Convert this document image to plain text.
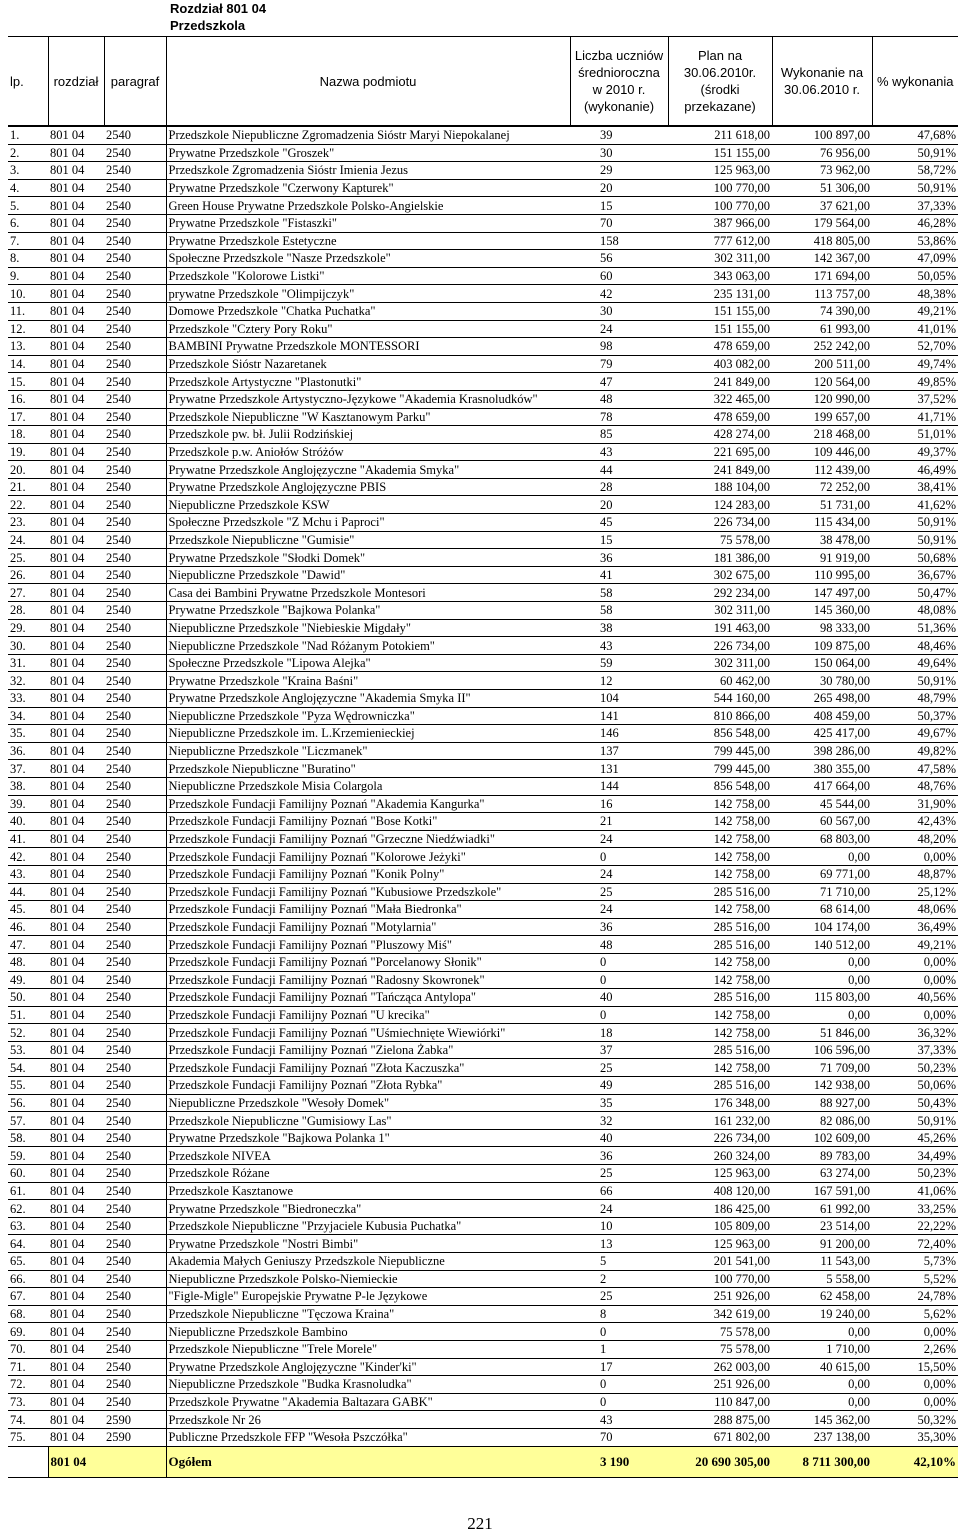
Rozdział 801 04
Przedszkola
lp.	rozdział	paragraf	Nazwa podmiotu	Liczba uczniów średnioroczna w 2010 r. (wykonanie)	Plan na 30.06.2010r. (środki przekazane)	Wykonanie na 30.06.2010 r.	% wykonania
1.	801 04	2540	Przedszkole Niepubliczne Zgromadzenia Sióstr Maryi Niepokalanej	39	211 618,00	100 897,00	47,68%
2.	801 04	2540	Prywatne Przedszkole "Groszek"	30	151 155,00	76 956,00	50,91%
3.	801 04	2540	Przedszkole Zgromadzenia Sióstr Imienia Jezus	29	125 963,00	73 962,00	58,72%
4.	801 04	2540	Prywatne Przedszkole "Czerwony Kapturek"	20	100 770,00	51 306,00	50,91%
5.	801 04	2540	Green House Prywatne Przedszkole Polsko-Angielskie	15	100 770,00	37 621,00	37,33%
6.	801 04	2540	Prywatne Przedszkole "Fistaszki"	70	387 966,00	179 564,00	46,28%
7.	801 04	2540	Prywatne Przedszkole Estetyczne	158	777 612,00	418 805,00	53,86%
8.	801 04	2540	Społeczne Przedszkole "Nasze Przedszkole"	56	302 311,00	142 367,00	47,09%
9.	801 04	2540	Przedszkole "Kolorowe Listki"	60	343 063,00	171 694,00	50,05%
10.	801 04	2540	prywatne Przedszkole "Olimpijczyk"	42	235 131,00	113 757,00	48,38%
11.	801 04	2540	Domowe Przedszkole "Chatka Puchatka"	30	151 155,00	74 390,00	49,21%
12.	801 04	2540	Przedszkole "Cztery Pory Roku"	24	151 155,00	61 993,00	41,01%
13.	801 04	2540	BAMBINI Prywatne Przedszkole MONTESSORI	98	478 659,00	252 242,00	52,70%
14.	801 04	2540	Przedszkole Sióstr Nazaretanek	79	403 082,00	200 511,00	49,74%
15.	801 04	2540	Przedszkole Artystyczne "Plastonutki"	47	241 849,00	120 564,00	49,85%
16.	801 04	2540	Prywatne Przedszkole Artystyczno-Językowe "Akademia Krasnoludków"	48	322 465,00	120 990,00	37,52%
17.	801 04	2540	Przedszkole Niepubliczne "W Kasztanowym Parku"	78	478 659,00	199 657,00	41,71%
18.	801 04	2540	Przedszkole pw. bł. Julii Rodzińskiej	85	428 274,00	218 468,00	51,01%
19.	801 04	2540	Przedszkole p.w. Aniołów Stróżów	43	221 695,00	109 446,00	49,37%
20.	801 04	2540	Prywatne Przedszkole Anglojęzyczne "Akademia Smyka"	44	241 849,00	112 439,00	46,49%
21.	801 04	2540	Prywatne Przedszkole Anglojęzyczne PBIS	28	188 104,00	72 252,00	38,41%
22.	801 04	2540	Niepubliczne Przedszkole KSW	20	124 283,00	51 731,00	41,62%
23.	801 04	2540	Społeczne Przedszkole "Z Mchu i Paproci"	45	226 734,00	115 434,00	50,91%
24.	801 04	2540	Przedszkole Niepubliczne "Gumisie"	15	75 578,00	38 478,00	50,91%
25.	801 04	2540	Prywatne Przedszkole "Słodki Domek"	36	181 386,00	91 919,00	50,68%
26.	801 04	2540	Niepubliczne Przedszkole "Dawid"	41	302 675,00	110 995,00	36,67%
27.	801 04	2540	Casa dei Bambini Prywatne Przedszkole Montesori	58	292 234,00	147 497,00	50,47%
28.	801 04	2540	Prywatne Przedszkole "Bajkowa Polanka"	58	302 311,00	145 360,00	48,08%
29.	801 04	2540	Niepubliczne Przedszkole "Niebieskie Migdały"	38	191 463,00	98 333,00	51,36%
30.	801 04	2540	Niepubliczne Przedszkole "Nad Różanym Potokiem"	43	226 734,00	109 875,00	48,46%
31.	801 04	2540	Społeczne Przedszkole "Lipowa Alejka"	59	302 311,00	150 064,00	49,64%
32.	801 04	2540	Prywatne Przedszkole "Kraina Baśni"	12	60 462,00	30 780,00	50,91%
33.	801 04	2540	Prywatne Przedszkole Anglojęzyczne "Akademia Smyka II"	104	544 160,00	265 498,00	48,79%
34.	801 04	2540	Niepubliczne Przedszkole "Pyza Wędrowniczka"	141	810 866,00	408 459,00	50,37%
35.	801 04	2540	Niepubliczne Przedszkole im. L.Krzemienieckiej	146	856 548,00	425 417,00	49,67%
36.	801 04	2540	Niepubliczne Przedszkole "Liczmanek"	137	799 445,00	398 286,00	49,82%
37.	801 04	2540	Przedszkole Niepubliczne "Buratino"	131	799 445,00	380 355,00	47,58%
38.	801 04	2540	Niepubliczne Przedszkole Misia Colargola	144	856 548,00	417 664,00	48,76%
39.	801 04	2540	Przedszkole Fundacji Familijny Poznań "Akademia Kangurka"	16	142 758,00	45 544,00	31,90%
40.	801 04	2540	Przedszkole Fundacji Familijny Poznań "Bose Kotki"	21	142 758,00	60 567,00	42,43%
41.	801 04	2540	Przedszkole Fundacji Familijny Poznań "Grzeczne Niedźwiadki"	24	142 758,00	68 803,00	48,20%
42.	801 04	2540	Przedszkole Fundacji Familijny Poznań "Kolorowe Jeżyki"	0	142 758,00	0,00	0,00%
43.	801 04	2540	Przedszkole Fundacji Familijny Poznań "Konik Polny"	24	142 758,00	69 771,00	48,87%
44.	801 04	2540	Przedszkole Fundacji Familijny Poznań "Kubusiowe Przedszkole"	25	285 516,00	71 710,00	25,12%
45.	801 04	2540	Przedszkole Fundacji Familijny Poznań "Mała Biedronka"	24	142 758,00	68 614,00	48,06%
46.	801 04	2540	Przedszkole Fundacji Familijny Poznań "Motylarnia"	36	285 516,00	104 174,00	36,49%
47.	801 04	2540	Przedszkole Fundacji Familijny Poznań "Pluszowy Miś"	48	285 516,00	140 512,00	49,21%
48.	801 04	2540	Przedszkole Fundacji Familijny Poznań "Porcelanowy Słonik"	0	142 758,00	0,00	0,00%
49.	801 04	2540	Przedszkole Fundacji Familijny Poznań "Radosny Skowronek"	0	142 758,00	0,00	0,00%
50.	801 04	2540	Przedszkole Fundacji Familijny Poznań "Tańcząca Antylopa"	40	285 516,00	115 803,00	40,56%
51.	801 04	2540	Przedszkole Fundacji Familijny Poznań "U krecika"	0	142 758,00	0,00	0,00%
52.	801 04	2540	Przedszkole Fundacji Familijny Poznań "Uśmiechnięte Wiewiórki"	18	142 758,00	51 846,00	36,32%
53.	801 04	2540	Przedszkole Fundacji Familijny Poznań "Zielona Żabka"	37	285 516,00	106 596,00	37,33%
54.	801 04	2540	Przedszkole Fundacji Familijny Poznań "Złota Kaczuszka"	25	142 758,00	71 709,00	50,23%
55.	801 04	2540	Przedszkole Fundacji Familijny Poznań "Złota Rybka"	49	285 516,00	142 938,00	50,06%
56.	801 04	2540	Niepubliczne Przedszkole "Wesoły Domek"	35	176 348,00	88 927,00	50,43%
57.	801 04	2540	Przedszkole Niepubliczne "Gumisiowy Las"	32	161 232,00	82 086,00	50,91%
58.	801 04	2540	Prywatne Przedszkole "Bajkowa Polanka 1"	40	226 734,00	102 609,00	45,26%
59.	801 04	2540	Przedszkole NIVEA	36	260 324,00	89 783,00	34,49%
60.	801 04	2540	Przedszkole Różane	25	125 963,00	63 274,00	50,23%
61.	801 04	2540	Przedszkole Kasztanowe	66	408 120,00	167 591,00	41,06%
62.	801 04	2540	Prywatne Przedszkole "Biedroneczka"	24	186 425,00	61 992,00	33,25%
63.	801 04	2540	Przedszkole Niepubliczne "Przyjaciele Kubusia Puchatka"	10	105 809,00	23 514,00	22,22%
64.	801 04	2540	Prywatne Przedszkole "Nostri Bimbi"	13	125 963,00	91 200,00	72,40%
65.	801 04	2540	Akademia Małych Geniuszy Przedszkole Niepubliczne	5	201 541,00	11 543,00	5,73%
66.	801 04	2540	Niepubliczne Przedszkole Polsko-Niemieckie	2	100 770,00	5 558,00	5,52%
67.	801 04	2540	"Figle-Migle" Europejskie Prywatne P-le Językowe	25	251 926,00	62 458,00	24,78%
68.	801 04	2540	Przedszkole Niepubliczne "Tęczowa Kraina"	8	342 619,00	19 240,00	5,62%
69.	801 04	2540	Niepubliczne Przedszkole Bambino	0	75 578,00	0,00	0,00%
70.	801 04	2540	Przedszkole Niepubliczne "Trele Morele"	1	75 578,00	1 710,00	2,26%
71.	801 04	2540	Prywatne Przedszkole Anglojęzyczne "Kinder'ki"	17	262 003,00	40 615,00	15,50%
72.	801 04	2540	Niepubliczne Przedszkole "Budka Krasnoludka"	0	251 926,00	0,00	0,00%
73.	801 04	2540	Przedszkole Prywatne "Akademia Baltazara GABK"	0	110 847,00	0,00	0,00%
74.	801 04	2590	Przedszkole Nr 26	43	288 875,00	145 362,00	50,32%
75.	801 04	2590	Publiczne Przedszkole FFP "Wesoła Pszczółka"	70	671 802,00	237 138,00	35,30%
	801 04		Ogółem	3 190	20 690 305,00	8 711 300,00	42,10%
221
